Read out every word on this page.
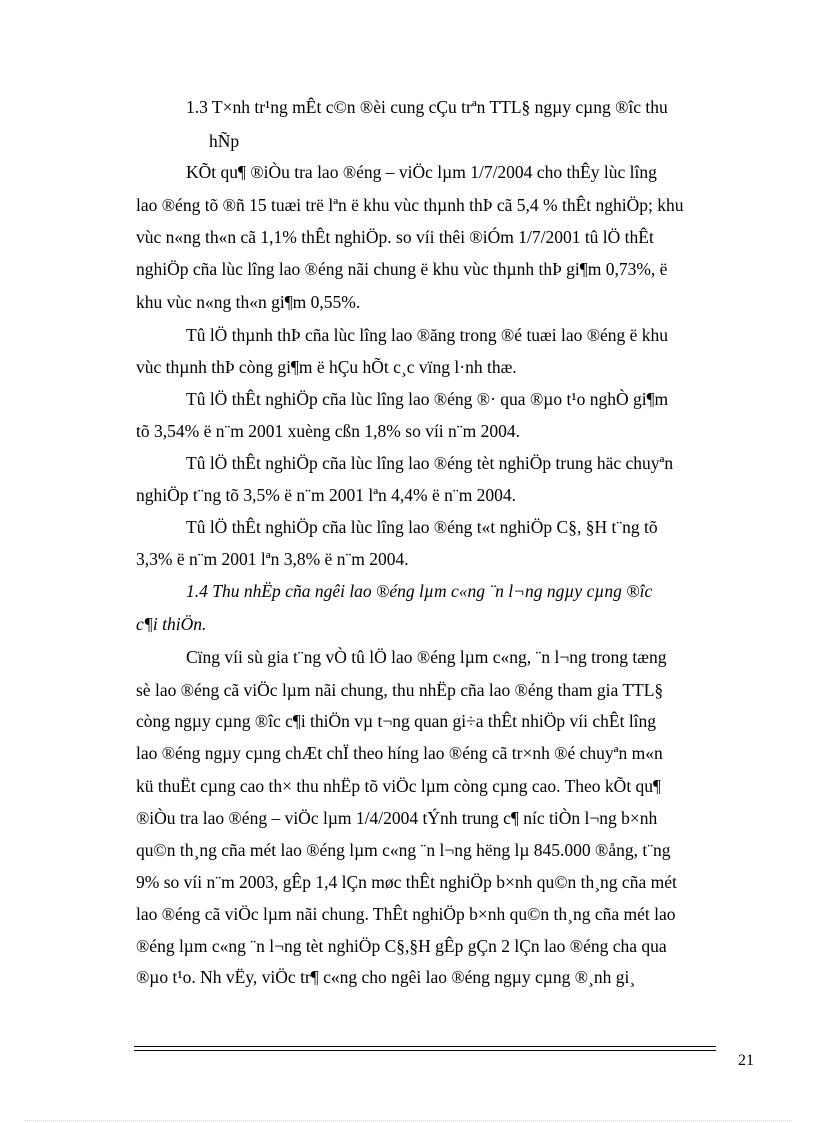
1.3 T×nh tr¹ng mÊt c©n ®èi cung cÇu trªn TTL§ ngµy cµng ®îc thu
hÑp
KÕt qu¶ ®iÒu tra lao ®éng – viÖc lµm 1/7/2004 cho thÊy lùc lîng
lao ®éng tõ ®ñ 15 tuæi trë lªn ë khu vùc thµnh thÞ cã 5,4 % thÊt nghiÖp; khu
vùc n«ng th«n cã 1,1% thÊt nghiÖp. so víi thêi ®iÓm 1/7/2001 tû lÖ thÊt
nghiÖp cña lùc lîng lao ®éng nãi chung ë khu vùc thµnh thÞ gi¶m 0,73%, ë
khu vùc n«ng th«n gi¶m 0,55%.
Tû lÖ thµnh thÞ cña lùc lîng lao ®ăng trong ®é tuæi lao ®éng ë khu
vùc thµnh thÞ còng gi¶m ë hÇu hÕt c¸c vïng l·nh thæ.
Tû lÖ thÊt nghiÖp cña lùc lîng lao ®éng ®· qua ®µo t¹o nghÒ gi¶m
tõ 3,54% ë n¨m 2001 xuèng cßn 1,8% so víi n¨m 2004.
Tû lÖ thÊt nghiÖp cña lùc lîng lao ®éng tèt nghiÖp trung häc chuyªn
nghiÖp t¨ng tõ 3,5% ë n¨m 2001 lªn 4,4% ë n¨m 2004.
Tû lÖ thÊt nghiÖp cña lùc lîng lao ®éng t«t nghiÖp C§, §H t¨ng tõ
3,3% ë n¨m 2001 lªn 3,8% ë n¨m 2004.
1.4 Thu nhËp cña ngêi lao ®éng lµm c«ng ¨n l¬ng ngµy cµng ®îc
c¶i thiÖn.
Cïng víi sù gia t¨ng vÒ tû lÖ lao ®éng lµm c«ng, ¨n l¬ng trong tæng
sè lao ®éng cã viÖc lµm nãi chung, thu nhËp cña lao ®éng tham gia TTL§
còng ngµy cµng ®îc c¶i thiÖn vµ t¬ng quan gi÷a thÊt nhiÖp víi chÊt lîng
lao ®éng ngµy cµng chÆt chÏ theo híng lao ®éng cã tr×nh ®é chuyªn m«n
kü thuËt cµng cao th× thu nhËp tõ viÖc lµm còng cµng cao. Theo kÕt qu¶
®iÒu tra lao ®éng – viÖc lµm 1/4/2004 tÝnh trung c¶ níc tiÒn l¬ng b×nh
qu©n th¸ng cña mét lao ®éng lµm c«ng ¨n l¬ng hëng lµ 845.000 ®ång, t¨ng
9% so víi n¨m 2003, gÊp 1,4 lÇn møc thÊt nghiÖp b×nh qu©n th¸ng cña mét
lao ®éng cã viÖc lµm nãi chung. ThÊt nghiÖp b×nh qu©n th¸ng cña mét lao
®éng lµm c«ng ¨n l¬ng tèt nghiÖp C§,§H gÊp gÇn 2 lÇn lao ®éng cha qua
®µo t¹o. Nh vËy, viÖc tr¶ c«ng cho ngêi lao ®éng ngµy cµng ®¸nh gi¸
21
